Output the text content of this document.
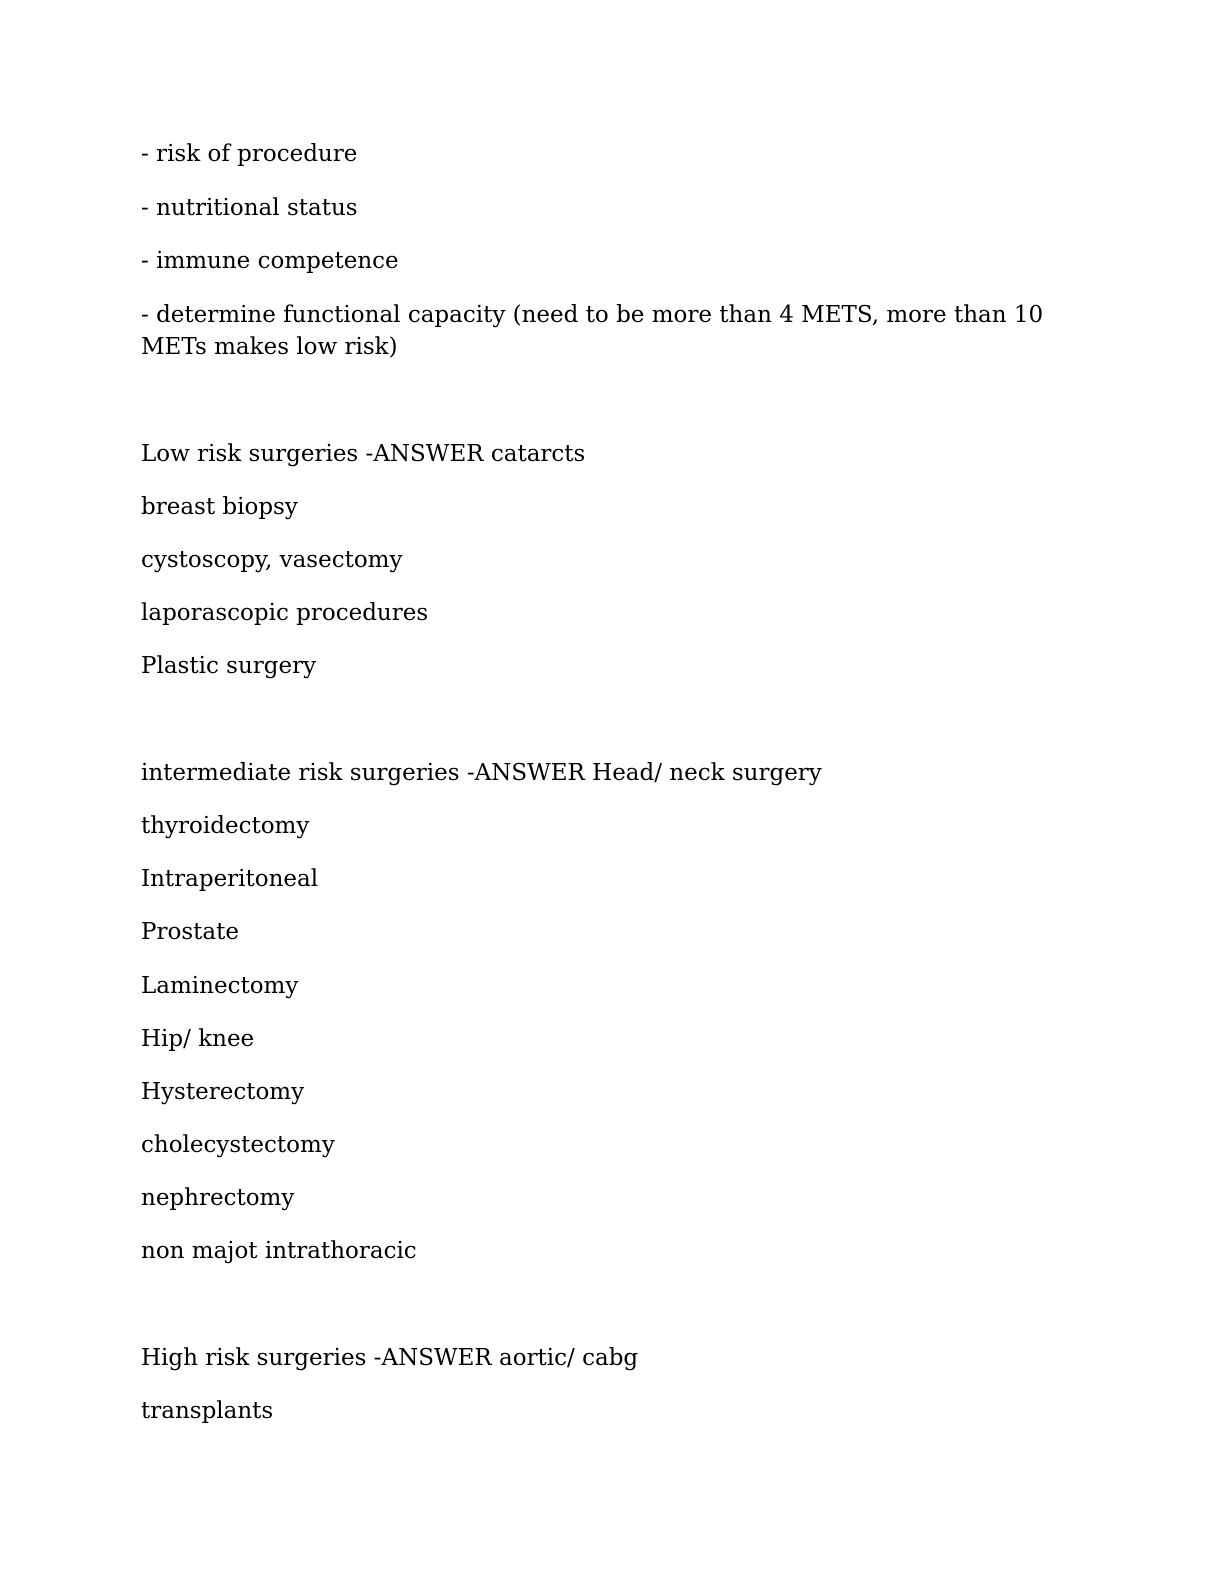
- risk of procedure
- nutritional status
- immune competence
- determine functional capacity (need to be more than 4 METS, more than 10 METs makes low risk)
Low risk surgeries -ANSWER catarcts
breast biopsy
cystoscopy, vasectomy
laporascopic procedures
Plastic surgery
intermediate risk surgeries -ANSWER Head/ neck surgery
thyroidectomy
Intraperitoneal
Prostate
Laminectomy
Hip/ knee
Hysterectomy
cholecystectomy
nephrectomy
non majot intrathoracic
High risk surgeries -ANSWER aortic/ cabg
transplants
